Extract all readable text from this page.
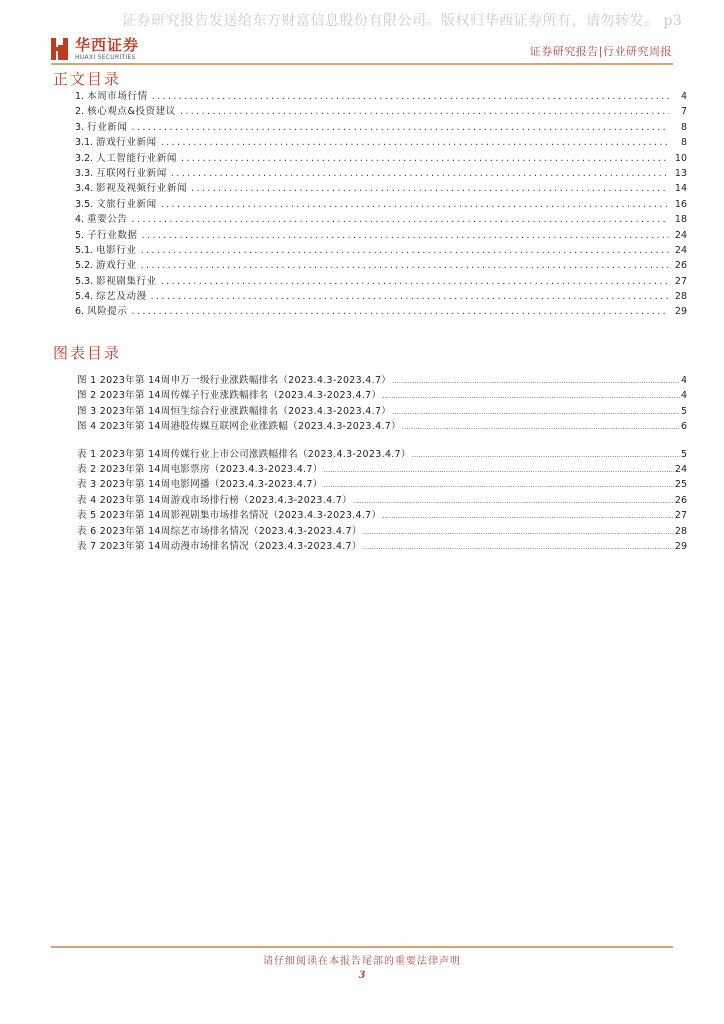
证券研究报告发送给东方财富信息股份有限公司。版权归华西证券所有，请勿转发。 p3
华西证券
HUAXI SECURITIES	证券研究报告|行业研究周报
正文目录
1. 本周市场行情 .....	4
2. 核心观点&投资建议 .....	7
3. 行业新闻 .....	8
3.1. 游戏行业新闻 .....	8
3.2. 人工智能行业新闻 .....	10
3.3. 互联网行业新闻 .....	13
3.4. 影视及视频行业新闻 .....	14
3.5. 文旅行业新闻 .....	16
4. 重要公告 .....	18
5. 子行业数据 .....	24
5.1. 电影行业 .....	24
5.2. 游戏行业 .....	26
5.3. 影视剧集行业 .....	27
5.4. 综艺及动漫 .....	28
6. 风险提示 .....	29
图表目录
图 1 2023年第 14周申万一级行业涨跌幅排名（2023.4.3-2023.4.7） .....	4
图 2 2023年第 14周传媒子行业涨跌幅排名（2023.4.3-2023.4.7） .....	4
图 3 2023年第 14周恒生综合行业涨跌幅排名（2023.4.3-2023.4.7） .....	5
图 4 2023年第 14周港股传媒互联网企业涨跌幅（2023.4.3-2023.4.7） .....	6
表 1 2023年第 14周传媒行业上市公司涨跌幅排名（2023.4.3-2023.4.7） .....	5
表 2 2023年第 14周电影票房（2023.4.3-2023.4.7） .....	24
表 3 2023年第 14周电影网播（2023.4.3-2023.4.7） .....	25
表 4 2023年第 14周游戏市场排行榜（2023.4.3-2023.4.7） .....	26
表 5 2023年第 14周影视剧集市场排名情况（2023.4.3-2023.4.7） .....	27
表 6 2023年第 14周综艺市场排名情况（2023.4.3-2023.4.7） .....	28
表 7 2023年第 14周动漫市场排名情况（2023.4.3-2023.4.7） .....	29
请仔细阅读在本报告尾部的重要法律声明
3
